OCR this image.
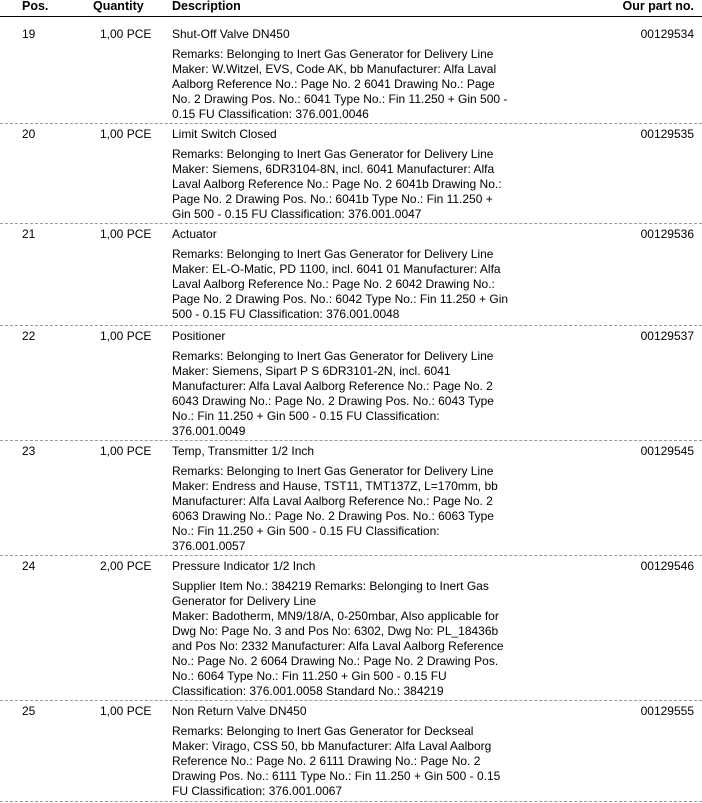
Pos.	Quantity Description	Our part no.
19	1,00 PCE Shut-Off Valve DN450	00129534
Remarks: Belonging to Inert Gas Generator for Delivery Line
Maker: W.Witzel, EVS, Code AK, bb Manufacturer: Alfa Laval
Aalborg Reference No.: Page No. 2 6041 Drawing No.: Page
No. 2 Drawing Pos. No.: 6041 Type No.: Fin 11.250 + Gin 500 -
0.15 FU Classification: 376.001.0046
20	1,00 PCE Limit Switch Closed	00129535
Remarks: Belonging to Inert Gas Generator for Delivery Line
Maker: Siemens, 6DR3104-8N, incl. 6041 Manufacturer: Alfa
Laval Aalborg Reference No.: Page No. 2 6041b Drawing No.:
Page No. 2 Drawing Pos. No.: 6041b Type No.: Fin 11.250 +
Gin 500 - 0.15 FU Classification: 376.001.0047
21	1,00 PCE Actuator	00129536
Remarks: Belonging to Inert Gas Generator for Delivery Line
Maker: EL-O-Matic, PD 1100, incl. 6041 01 Manufacturer: Alfa
Laval Aalborg Reference No.: Page No. 2 6042 Drawing No.:
Page No. 2 Drawing Pos. No.: 6042 Type No.: Fin 11.250 + Gin
500 - 0.15 FU Classification: 376.001.0048
22	1,00 PCE Positioner	00129537
Remarks: Belonging to Inert Gas Generator for Delivery Line
Maker: Siemens, Sipart P S 6DR3101-2N, incl. 6041
Manufacturer: Alfa Laval Aalborg Reference No.: Page No. 2
6043 Drawing No.: Page No. 2 Drawing Pos. No.: 6043 Type
No.: Fin 11.250 + Gin 500 - 0.15 FU Classification:
376.001.0049
23	1,00 PCE Temp, Transmitter 1/2 Inch	00129545
Remarks: Belonging to Inert Gas Generator for Delivery Line
Maker: Endress and Hause, TST11, TMT137Z, L=170mm, bb
Manufacturer: Alfa Laval Aalborg Reference No.: Page No. 2
6063 Drawing No.: Page No. 2 Drawing Pos. No.: 6063 Type
No.: Fin 11.250 + Gin 500 - 0.15 FU Classification:
376.001.0057
24	2,00 PCE Pressure Indicator 1/2 Inch	00129546
Supplier Item No.: 384219 Remarks: Belonging to Inert Gas
Generator for Delivery Line
Maker: Badotherm, MN9/18/A, 0-250mbar, Also applicable for
Dwg No: Page No. 3 and Pos No: 6302, Dwg No: PL_18436b
and Pos No: 2332 Manufacturer: Alfa Laval Aalborg Reference
No.: Page No. 2 6064 Drawing No.: Page No. 2 Drawing Pos.
No.: 6064 Type No.: Fin 11.250 + Gin 500 - 0.15 FU
Classification: 376.001.0058 Standard No.: 384219
25	1,00 PCE Non Return Valve DN450	00129555
Remarks: Belonging to Inert Gas Generator for Deckseal
Maker: Virago, CSS 50, bb Manufacturer: Alfa Laval Aalborg
Reference No.: Page No. 2 6111 Drawing No.: Page No. 2
Drawing Pos. No.: 6111 Type No.: Fin 11.250 + Gin 500 - 0.15
FU Classification: 376.001.0067
